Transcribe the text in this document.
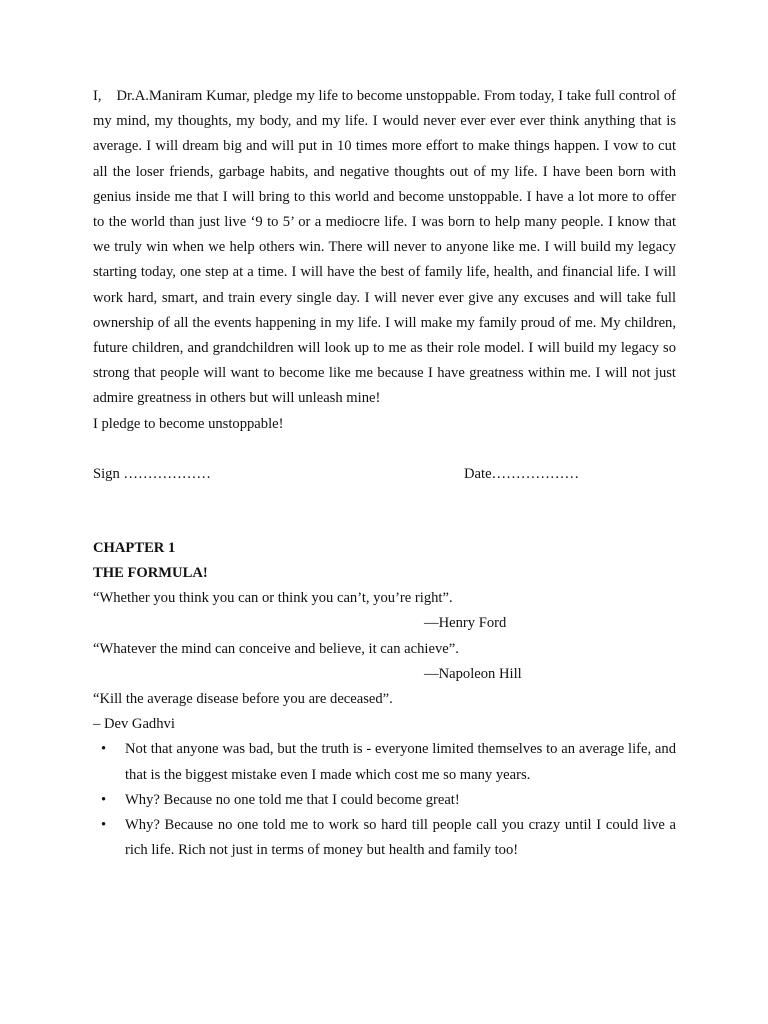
I,    Dr.A.Maniram Kumar, pledge my life to become unstoppable. From today, I take full control of my mind, my thoughts, my body, and my life. I would never ever ever ever think anything that is average. I will dream big and will put in 10 times more effort to make things happen. I vow to cut all the loser friends, garbage habits, and negative thoughts out of my life. I have been born with genius inside me that I will bring to this world and become unstoppable. I have a lot more to offer to the world than just live ‘9 to 5’ or a mediocre life. I was born to help many people. I know that we truly win when we help others win. There will never to anyone like me. I will build my legacy starting today, one step at a time. I will have the best of family life, health, and financial life. I will work hard, smart, and train every single day. I will never ever give any excuses and will take full ownership of all the events happening in my life. I will make my family proud of me. My children, future children, and grandchildren will look up to me as their role model. I will build my legacy so strong that people will want to become like me because I have greatness within me. I will not just admire greatness in others but will unleash mine!

I pledge to become unstoppable!

Sign ………………	Date………………

CHAPTER 1

THE FORMULA!

“Whether you think you can or think you can’t, you’re right”.

—Henry Ford

“Whatever the mind can conceive and believe, it can achieve”.

—Napoleon Hill

“Kill the average disease before you are deceased”.

– Dev Gadhvi

• Not that anyone was bad, but the truth is - everyone limited themselves to an average life, and that is the biggest mistake even I made which cost me so many years.
• Why? Because no one told me that I could become great!
• Why? Because no one told me to work so hard till people call you crazy until I could live a rich life. Rich not just in terms of money but health and family too!
